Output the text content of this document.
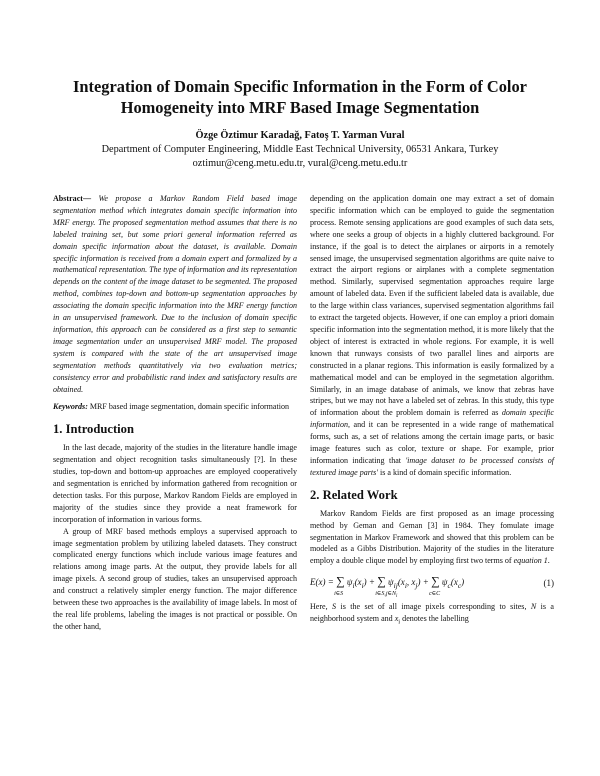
Integration of Domain Specific Information in the Form of Color
Homogeneity into MRF Based Image Segmentation
Özge Öztimur Karadağ, Fatoş T. Yarman Vural
Department of Computer Engineering, Middle East Technical University, 06531 Ankara, Turkey
oztimur@ceng.metu.edu.tr, vural@ceng.metu.edu.tr
Abstract— We propose a Markov Random Field based image segmentation method which integrates domain specific information into MRF energy. The proposed segmentation method assumes that there is no labeled training set, but some priori general information referred as domain specific information about the dataset, is available. Domain specific information is received from a domain expert and formalized by a mathematical representation. The type of information and its representation depends on the content of the image dataset to be segmented. The proposed method, combines top-down and bottom-up segmentation approaches by associating the domain specific information into the MRF energy function in an unsupervised framework. Due to the inclusion of domain specific information, this approach can be considered as a first step to semantic image segmentation under an unsupervised MRF model. The proposed system is compared with the state of the art unsupervised image segmentation methods quantitatively via two evaluation metrics; consistency error and probabilistic rand index and satisfactory results are obtained.
Keywords: MRF based image segmentation, domain specific information
1. Introduction

In the last decade, majority of the studies in the literature handle image segmentation and object recognition tasks simultaneously [?]. In these studies, top-down and bottom-up approaches are employed cooperatively and segmentation is enriched by information gathered from recognition or detection tasks. For this purpose, Markov Random Fields are employed in majority of the studies since they provide a neat framework for incorporation of information in various forms.

A group of MRF based methods employs a supervised approach to image segmentation problem by utilizing labeled datasets. They construct complicated energy functions which include various image features and relations among image parts. At the output, they provide labels for all image pixels. A second group of studies, takes an unsupervised approach and construct a relatively simpler energy function. The major difference between these two approaches is the availability of image labels. In most of the real life problems, labeling the images is not practical or possible. On the other hand,

depending on the application domain one may extract a set of domain specific information which can be employed to guide the segmentation process. Remote sensing applications are good examples of such data sets, where one seeks a group of objects in a highly cluttered background. For instance, if the goal is to detect the airplanes or airports in a remotely sensed image, the unsupervised segmentation algorithms are quite naive to extract the airport regions or airplanes with a complete segmentation method. Similarly, supervised segmentation approaches require large amount of labeled data. Even if the sufficient labeled data is available, due to the large within class variances, supervised segmentation algorithms fail to extract the targeted objects. However, if one can employ a priori domain specific information into the segmentation method, it is more likely that the object of interest is extracted in whole regions. For example, it is well known that runways consists of two parallel lines and airports are constructed in a planar regions. This information is easily formalized by a mathematical model and can be employed in the segmetation algorithm. Similarly, in an image database of animals, we know that zebras have stripes, but we may not have a labeled set of zebras. In this study, this type of information about the problem domain is referred as domain specific information, and it can be represented in a wide range of mathematical forms, such as, a set of relations among the certain image parts, or basic image features such as color, texture or shape. For example, prior information indicating that 'image dataset to be processed consists of textured image parts' is a kind of domain specific information.

2. Related Work

Markov Random Fields are first proposed as an image processing method by Geman and Geman [3] in 1984. They fomulate image segmentation in Markov Framework and showed that this problem can be modeled as a Gibbs Distribution. Majority of the studies in the literature employ a double clique model by employing first two terms of equation 1.

E(x) = ∑
i∈S
$\psi_i(x_i)$ + ∑
$i\in S,j\in N_i$
$\psi_{ij}(x_i$, $x_j$) + ∑
c∈C
$\psi_c(x_c)$	(1)

Here, S is the set of all image pixels corresponding to sites, N is a neighborhood system and $x_i$ denotes the labelling
